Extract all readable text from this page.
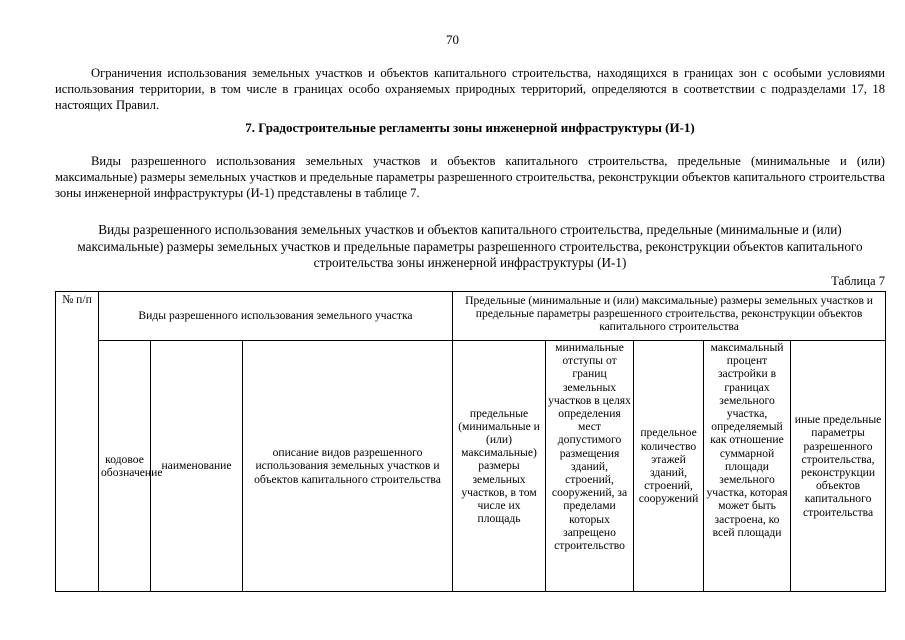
70
Ограничения использования земельных участков и объектов капитального строительства, находящихся в границах зон с особыми условиями использования территории, в том числе в границах особо охраняемых природных территорий, определяются в соответствии с подразделами 17, 18 настоящих Правил.
7. Градостроительные регламенты зоны инженерной инфраструктуры (И-1)
Виды разрешенного использования земельных участков и объектов капитального строительства, предельные (минимальные и (или) максимальные) размеры земельных участков и предельные параметры разрешенного строительства, реконструкции объектов капитального строительства зоны инженерной инфраструктуры (И-1) представлены в таблице 7.
Виды разрешенного использования земельных участков и объектов капитального строительства, предельные (минимальные и (или) максимальные) размеры земельных участков и предельные параметры разрешенного строительства, реконструкции объектов капитального строительства зоны инженерной инфраструктуры (И-1)
Таблица 7
№ п/п	Виды разрешенного использования земельного участка			Предельные (минимальные и (или) максимальные) размеры земельных участков и предельные параметры разрешенного строительства, реконструкции объектов капитального строительства				
	кодовое обозначение	наименование	описание видов разрешенного использования земельных участков и объектов капитального строительства	предельные (минимальные и (или) максимальные) размеры земельных участков, в том числе их площадь	минимальные отступы от границ земельных участков в целях определения мест допустимого размещения зданий, строений, сооружений, за пределами которых запрещено строительство	предельное количество этажей зданий, строений, сооружений	максимальный процент застройки в границах земельного участка, определяемый как отношение суммарной площади земельного участка, которая может быть застроена, ко всей площади	иные предельные параметры разрешенного строительства, реконструкции объектов капитального строительства
